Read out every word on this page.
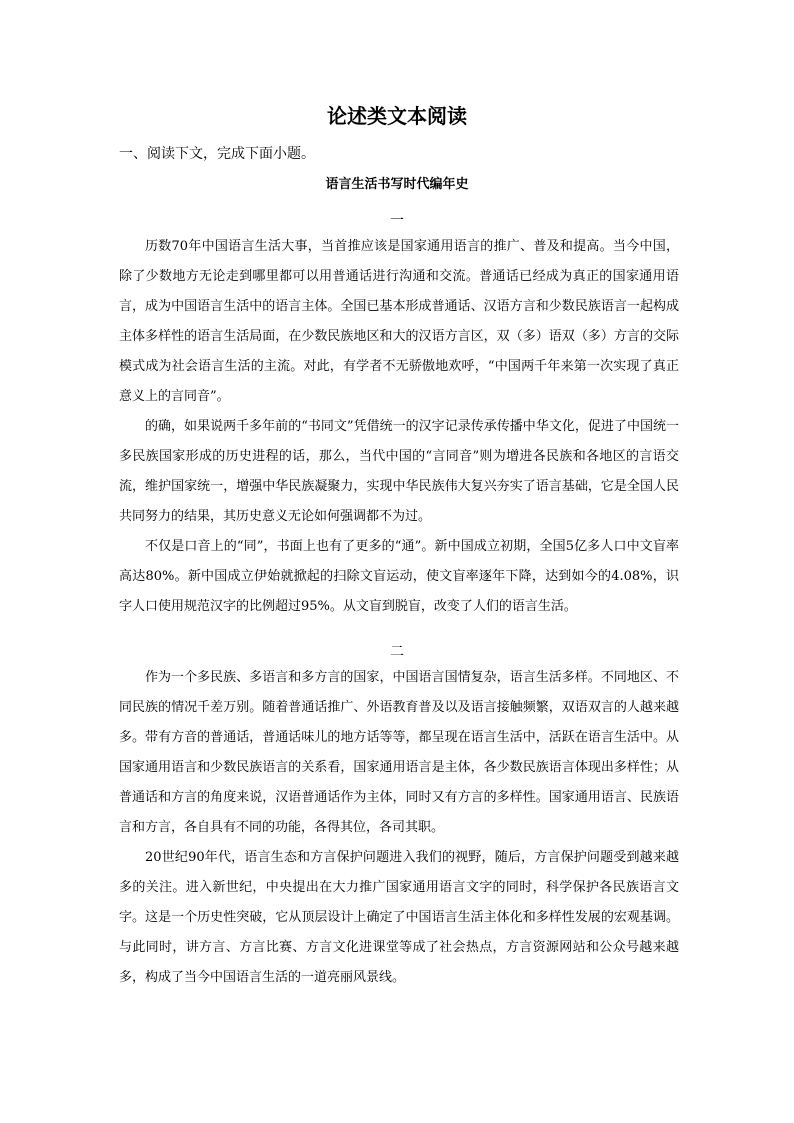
论述类文本阅读
一、阅读下文，完成下面小题。
语言生活书写时代编年史
一

历数70年中国语言生活大事，当首推应该是国家通用语言的推广、普及和提高。当今中国，除了少数地方无论走到哪里都可以用普通话进行沟通和交流。普通话已经成为真正的国家通用语言，成为中国语言生活中的语言主体。全国已基本形成普通话、汉语方言和少数民族语言一起构成主体多样性的语言生活局面，在少数民族地区和大的汉语方言区，双（多）语双（多）方言的交际模式成为社会语言生活的主流。对此，有学者不无骄傲地欢呼，“中国两千年来第一次实现了真正意义上的言同音”。

的确，如果说两千多年前的“书同文”凭借统一的汉字记录传承传播中华文化，促进了中国统一多民族国家形成的历史进程的话，那么，当代中国的“言同音”则为增进各民族和各地区的言语交流，维护国家统一，增强中华民族凝聚力，实现中华民族伟大复兴夯实了语言基础，它是全国人民共同努力的结果，其历史意义无论如何强调都不为过。

不仅是口音上的“同”，书面上也有了更多的“通”。新中国成立初期，全国5亿多人口中文盲率高达80%。新中国成立伊始就掀起的扫除文盲运动，使文盲率逐年下降，达到如今的4.08%，识字人口使用规范汉字的比例超过95%。从文盲到脱盲，改变了人们的语言生活。

二

作为一个多民族、多语言和多方言的国家，中国语言国情复杂，语言生活多样。不同地区、不同民族的情况千差万别。随着普通话推广、外语教育普及以及语言接触频繁，双语双言的人越来越多。带有方音的普通话，普通话味儿的地方话等等，都呈现在语言生活中，活跃在语言生活中。从国家通用语言和少数民族语言的关系看，国家通用语言是主体，各少数民族语言体现出多样性；从普通话和方言的角度来说，汉语普通话作为主体，同时又有方言的多样性。国家通用语言、民族语言和方言，各自具有不同的功能，各得其位，各司其职。

20世纪90年代，语言生态和方言保护问题进入我们的视野，随后，方言保护问题受到越来越多的关注。进入新世纪，中央提出在大力推广国家通用语言文字的同时，科学保护各民族语言文字。这是一个历史性突破，它从顶层设计上确定了中国语言生活主体化和多样性发展的宏观基调。与此同时，讲方言、方言比赛、方言文化进课堂等成了社会热点，方言资源网站和公众号越来越多，构成了当今中国语言生活的一道亮丽风景线。
